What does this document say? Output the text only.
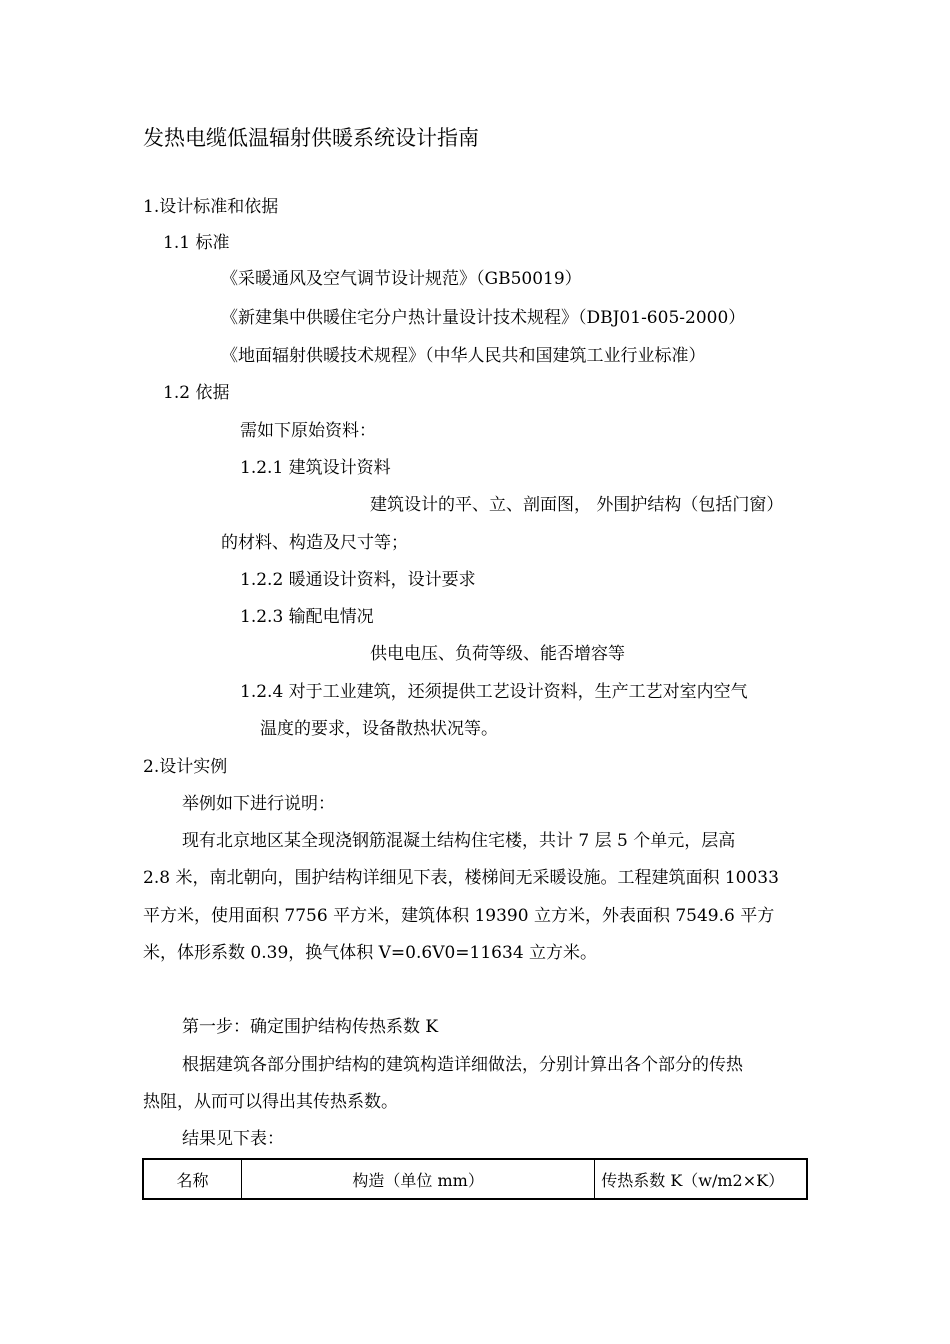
发热电缆低温辐射供暖系统设计指南
1.设计标准和依据
1.1 标准
《采暖通风及空气调节设计规范》（GB50019）
《新建集中供暖住宅分户热计量设计技术规程》（DBJ01-605-2000）
《地面辐射供暖技术规程》（中华人民共和国建筑工业行业标准）
1.2 依据
需如下原始资料：
1.2.1 建筑设计资料
建筑设计的平、立、剖面图， 外围护结构（包括门窗）
的材料、构造及尺寸等；
1.2.2 暖通设计资料，设计要求
1.2.3 输配电情况
供电电压、负荷等级、能否增容等
1.2.4 对于工业建筑，还须提供工艺设计资料，生产工艺对室内空气
温度的要求，设备散热状况等。
2.设计实例
举例如下进行说明：
现有北京地区某全现浇钢筋混凝土结构住宅楼，共计 7 层 5 个单元，层高
2.8 米，南北朝向，围护结构详细见下表，楼梯间无采暖设施。工程建筑面积 10033
平方米，使用面积 7756 平方米，建筑体积 19390 立方米，外表面积 7549.6 平方
米，体形系数 0.39，换气体积 V=0.6V0=11634 立方米。
第一步：确定围护结构传热系数 K
根据建筑各部分围护结构的建筑构造详细做法，分别计算出各个部分的传热
热阻，从而可以得出其传热系数。
结果见下表：
名称	构造（单位 mm）	传热系数 K（w/m2×K）
